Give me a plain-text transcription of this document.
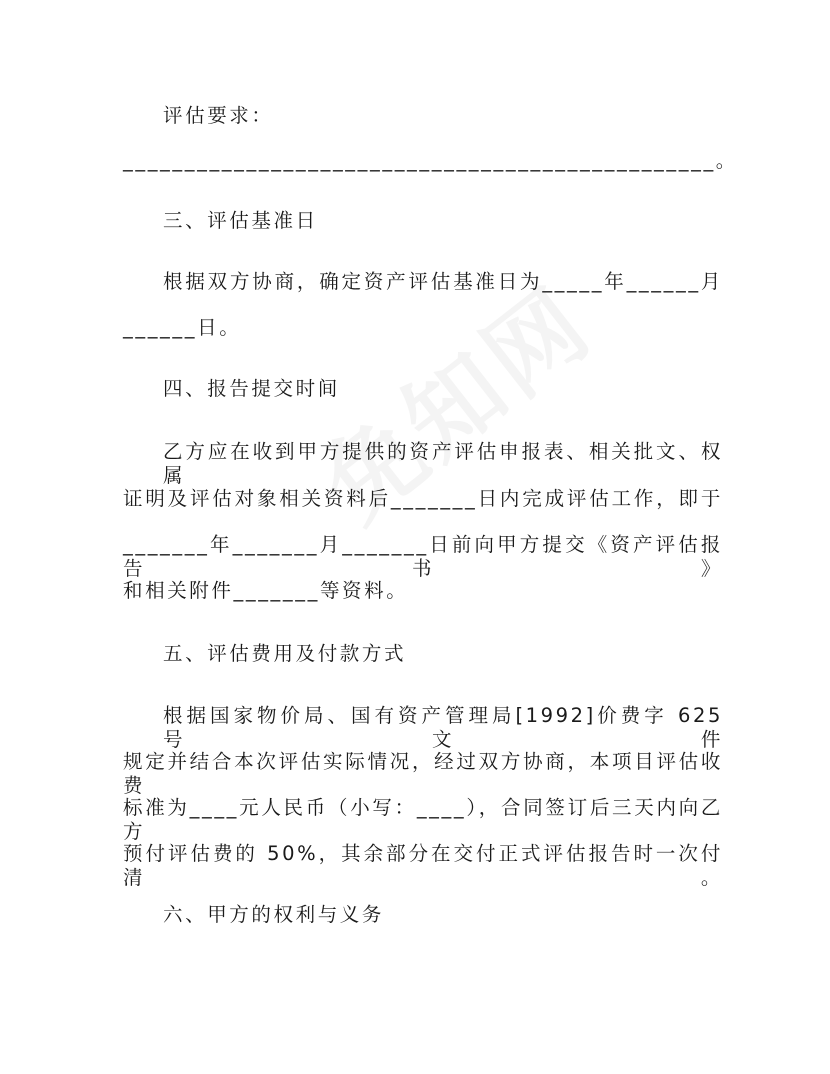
评估要求：
________________________________________________。
三、评估基准日
根据双方协商，确定资产评估基准日为_____年______月
______日。
四、报告提交时间
乙方应在收到甲方提供的资产评估申报表、相关批文、权属
证明及评估对象相关资料后_______日内完成评估工作，即于
_______年_______月_______日前向甲方提交《资产评估报告书》
和相关附件_______等资料。
五、评估费用及付款方式
根据国家物价局、国有资产管理局[1992]价费字 625 号文件
规定并结合本次评估实际情况，经过双方协商，本项目评估收费
标准为____元人民币（小写：____），合同签订后三天内向乙方
预付评估费的 50%，其余部分在交付正式评估报告时一次付清。
六、甲方的权利与义务
